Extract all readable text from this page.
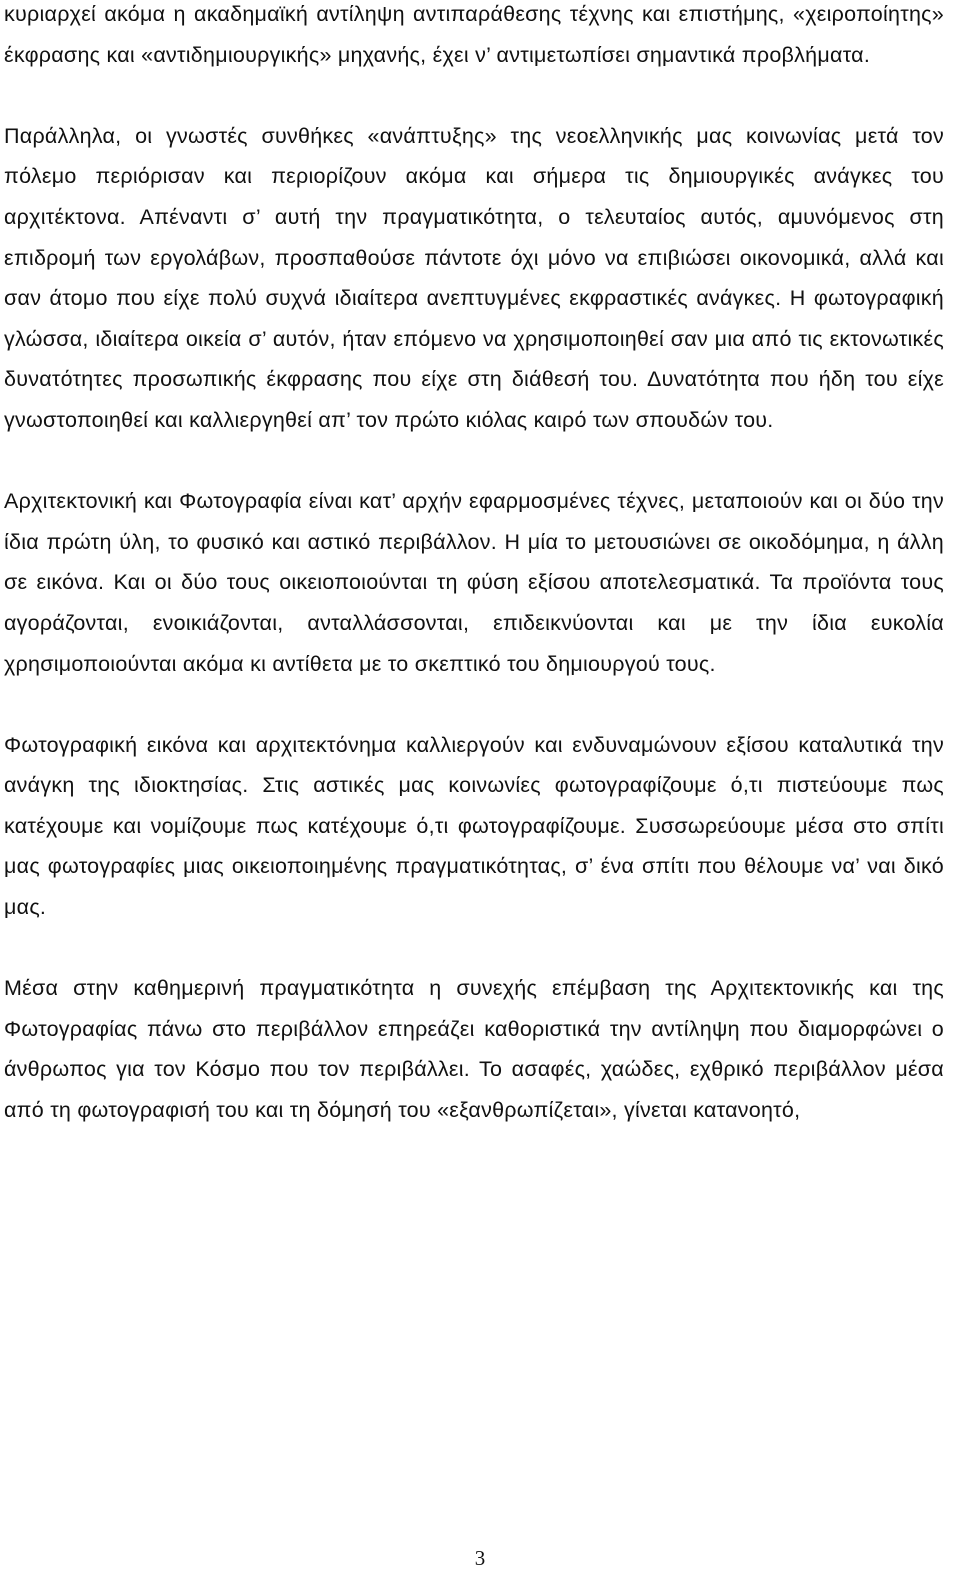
κυριαρχεί ακόμα η ακαδημαϊκή αντίληψη αντιπαράθεσης τέχνης και επιστήμης, «χειροποίητης» έκφρασης και «αντιδημιουργικής» μηχανής, έχει ν’ αντιμετωπίσει σημαντικά προβλήματα.

Παράλληλα, οι γνωστές συνθήκες «ανάπτυξης» της νεοελληνικής μας κοινωνίας μετά τον πόλεμο περιόρισαν και περιορίζουν ακόμα και σήμερα τις δημιουργικές ανάγκες του αρχιτέκτονα. Απέναντι σ’ αυτή την πραγματικότητα, ο τελευταίος αυτός, αμυνόμενος στη επιδρομή των εργολάβων, προσπαθούσε πάντοτε όχι μόνο να επιβιώσει οικονομικά, αλλά και σαν άτομο που είχε πολύ συχνά ιδιαίτερα ανεπτυγμένες εκφραστικές ανάγκες. Η φωτογραφική γλώσσα, ιδιαίτερα οικεία σ’ αυτόν, ήταν επόμενο να χρησιμοποιηθεί σαν μια από τις εκτονωτικές δυνατότητες προσωπικής έκφρασης που είχε στη διάθεσή του. Δυνατότητα που ήδη του είχε γνωστοποιηθεί και καλλιεργηθεί απ’ τον πρώτο κιόλας καιρό των σπουδών του.

Αρχιτεκτονική και Φωτογραφία είναι κατ’ αρχήν εφαρμοσμένες τέχνες, μεταποιούν και οι δύο την ίδια πρώτη ύλη, το φυσικό και αστικό περιβάλλον. Η μία το μετουσιώνει σε οικοδόμημα, η άλλη σε εικόνα. Και οι δύο τους οικειοποιούνται τη φύση εξίσου αποτελεσματικά. Τα προϊόντα τους αγοράζονται, ενοικιάζονται, ανταλλάσσονται, επιδεικνύονται και με την ίδια ευκολία χρησιμοποιούνται ακόμα κι αντίθετα με το σκεπτικό του δημιουργού τους.

Φωτογραφική εικόνα και αρχιτεκτόνημα καλλιεργούν και ενδυναμώνουν εξίσου καταλυτικά την ανάγκη της ιδιοκτησίας. Στις αστικές μας κοινωνίες φωτογραφίζουμε ό,τι πιστεύουμε πως κατέχουμε και νομίζουμε πως κατέχουμε ό,τι φωτογραφίζουμε. Συσσωρεύουμε μέσα στο σπίτι μας φωτογραφίες μιας οικειοποιημένης πραγματικότητας, σ’ ένα σπίτι που θέλουμε να’ ναι δικό μας.

Μέσα στην καθημερινή πραγματικότητα η συνεχής επέμβαση της Αρχιτεκτονικής και της Φωτογραφίας πάνω στο περιβάλλον επηρεάζει καθοριστικά την αντίληψη που διαμορφώνει ο άνθρωπος για τον Κόσμο που τον περιβάλλει. Το ασαφές, χαώδες, εχθρικό περιβάλλον μέσα από τη φωτογραφισή του και τη δόμησή του «εξανθρωπίζεται», γίνεται κατανοητό,

3
